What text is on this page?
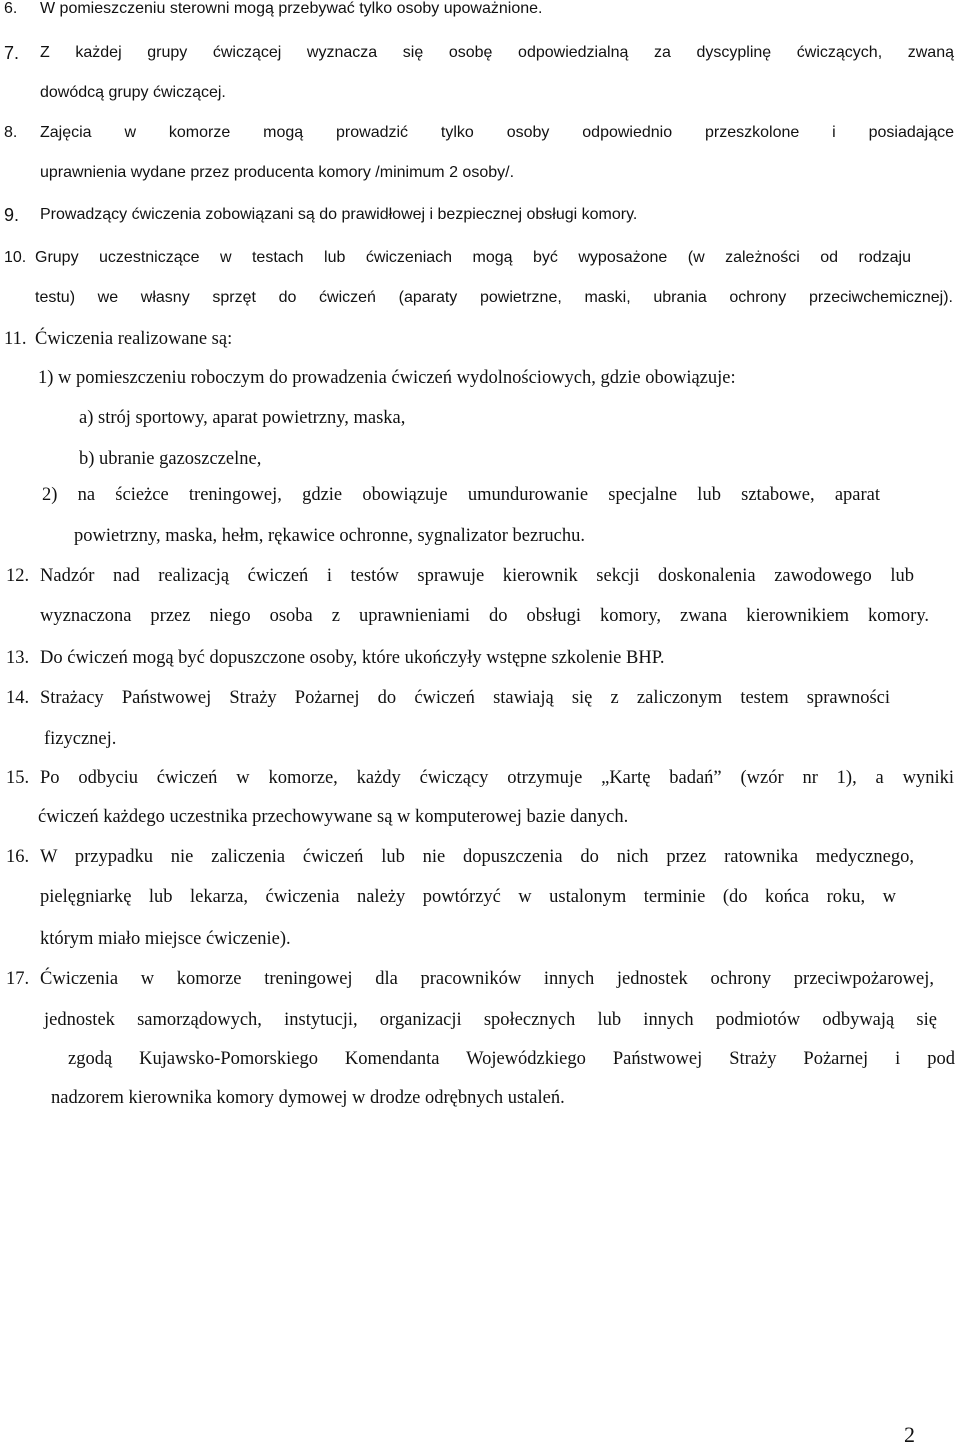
6. W pomieszczeniu sterowni mogą przebywać tylko osoby upoważnione.
7. Z każdej grupy ćwiczącej wyznacza się osobę odpowiedzialną za dyscyplinę ćwiczących, zwaną
dowódcą grupy ćwiczącej.
8. Zajęcia w komorze mogą prowadzić tylko osoby odpowiednio przeszkolone i posiadające
uprawnienia wydane przez producenta komory /minimum 2 osoby/.
9. Prowadzący ćwiczenia zobowiązani są do prawidłowej i bezpiecznej obsługi komory.
10. Grupy uczestniczące w testach lub ćwiczeniach mogą być wyposażone (w zależności od rodzaju
testu) we własny sprzęt do ćwiczeń (aparaty powietrzne, maski, ubrania ochrony przeciwchemicznej).
11. Ćwiczenia realizowane są:
1) w pomieszczeniu roboczym do prowadzenia ćwiczeń wydolnościowych, gdzie obowiązuje:
a) strój sportowy, aparat powietrzny, maska,
b) ubranie gazoszczelne,
2) na ścieżce treningowej, gdzie obowiązuje umundurowanie specjalne lub sztabowe, aparat
powietrzny, maska, hełm, rękawice ochronne, sygnalizator bezruchu.
12. Nadzór nad realizacją ćwiczeń i testów sprawuje kierownik sekcji doskonalenia zawodowego lub
wyznaczona przez niego osoba z uprawnieniami do obsługi komory, zwana kierownikiem komory.
13. Do ćwiczeń mogą być dopuszczone osoby, które ukończyły wstępne szkolenie BHP.
14. Strażacy Państwowej Straży Pożarnej do ćwiczeń stawiają się z zaliczonym testem sprawności
fizycznej.
15. Po odbyciu ćwiczeń w komorze, każdy ćwiczący otrzymuje „Kartę badań” (wzór nr 1), a wyniki
ćwiczeń każdego uczestnika przechowywane są w komputerowej bazie danych.
16. W przypadku nie zaliczenia ćwiczeń lub nie dopuszczenia do nich przez ratownika medycznego,
pielęgniarkę lub lekarza, ćwiczenia należy powtórzyć w ustalonym terminie (do końca roku, w
którym miało miejsce ćwiczenie).
17. Ćwiczenia w komorze treningowej dla pracowników innych jednostek ochrony przeciwpożarowej,
jednostek samorządowych, instytucji, organizacji społecznych lub innych podmiotów odbywają się
zgodą Kujawsko-Pomorskiego Komendanta Wojewódzkiego Państwowej Straży Pożarnej i pod
nadzorem kierownika komory dymowej w drodze odrębnych ustaleń.
2
